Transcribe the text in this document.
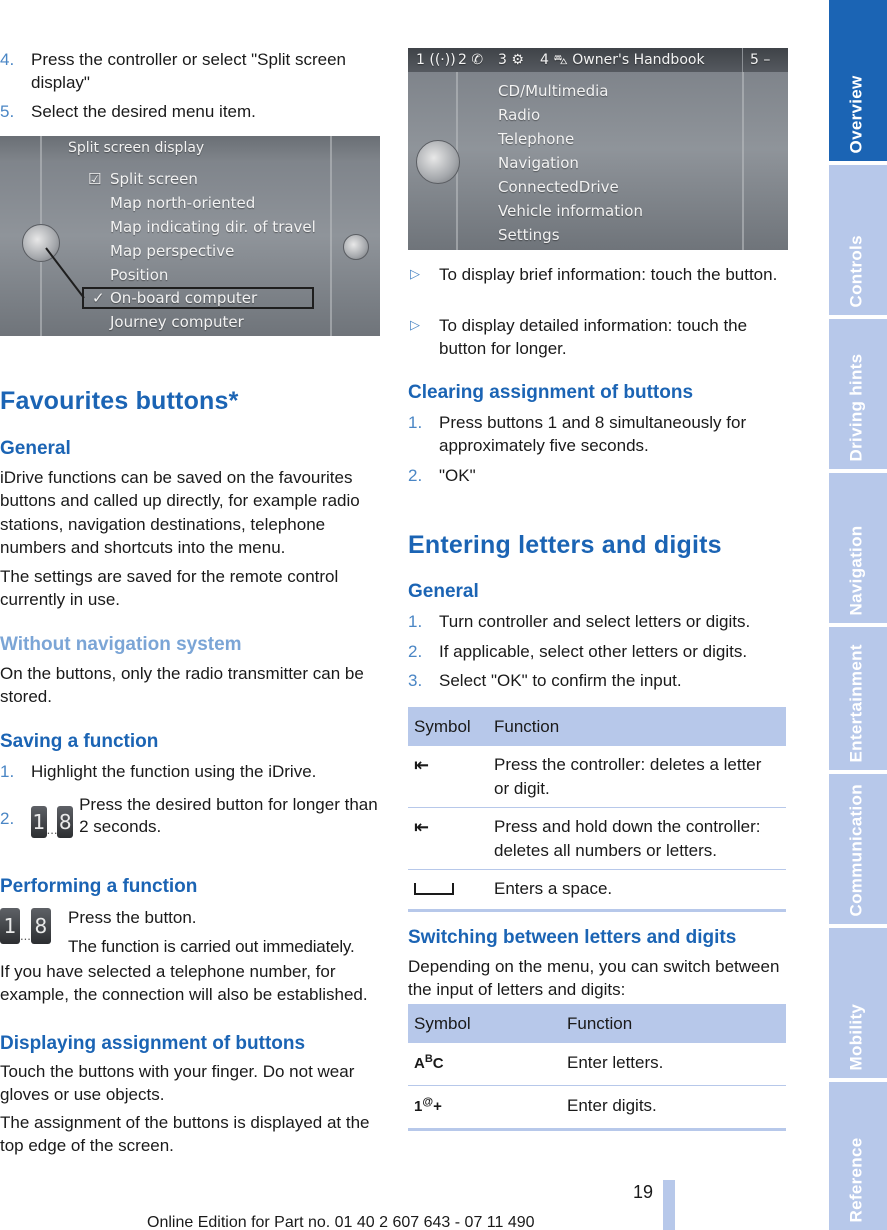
4. Press the controller or select "Split screen display"
5. Select the desired menu item.
Split screen display
☑ Split screen
Map north-oriented
Map indicating dir. of travel
Map perspective
Position
✓ On-board computer
Journey computer
Favourites buttons*
General
iDrive functions can be saved on the favourites buttons and called up directly, for example radio stations, navigation destinations, telephone numbers and shortcuts into the menu.
The settings are saved for the remote control currently in use.
Without navigation system
On the buttons, only the radio transmitter can be stored.
Saving a function
1. Highlight the function using the iDrive.
2. 1 ... 8
Press the desired button for longer than 2 seconds.
Performing a function
1 ... 8 Press the button.
The function is carried out immediately.
If you have selected a telephone number, for example, the connection will also be established.
Displaying assignment of buttons
Touch the buttons with your finger. Do not wear gloves or use objects.
The assignment of the buttons is displayed at the top edge of the screen.
1 ((·)) 2 ✆ 3 ⚙ 4 ⛍ Owner's Handbook	5 –
CD/Multimedia
Radio
Telephone
Navigation
ConnectedDrive
Vehicle information
Settings
▷ To display brief information: touch the button.
▷ To display detailed information: touch the button for longer.
Clearing assignment of buttons
1. Press buttons 1 and 8 simultaneously for approximately five seconds.
2. "OK"
Entering letters and digits
General
1. Turn controller and select letters or digits.
2. If applicable, select other letters or digits.
3. Select "OK" to confirm the input.
Symbol	Function
⇤	Press the controller: deletes a letter or digit.
⇤	Press and hold down the controller: deletes all numbers or letters.
	Enters a space.
Switching between letters and digits
Depending on the menu, you can switch between the input of letters and digits:
Symbol	Function
$A^BC$	Enter letters.
1@+	Enter digits.
Overview
Controls
Driving hints
Navigation
Entertainment
Communication
Mobility
Reference
19
Online Edition for Part no. 01 40 2 607 643 - 07 11 490
